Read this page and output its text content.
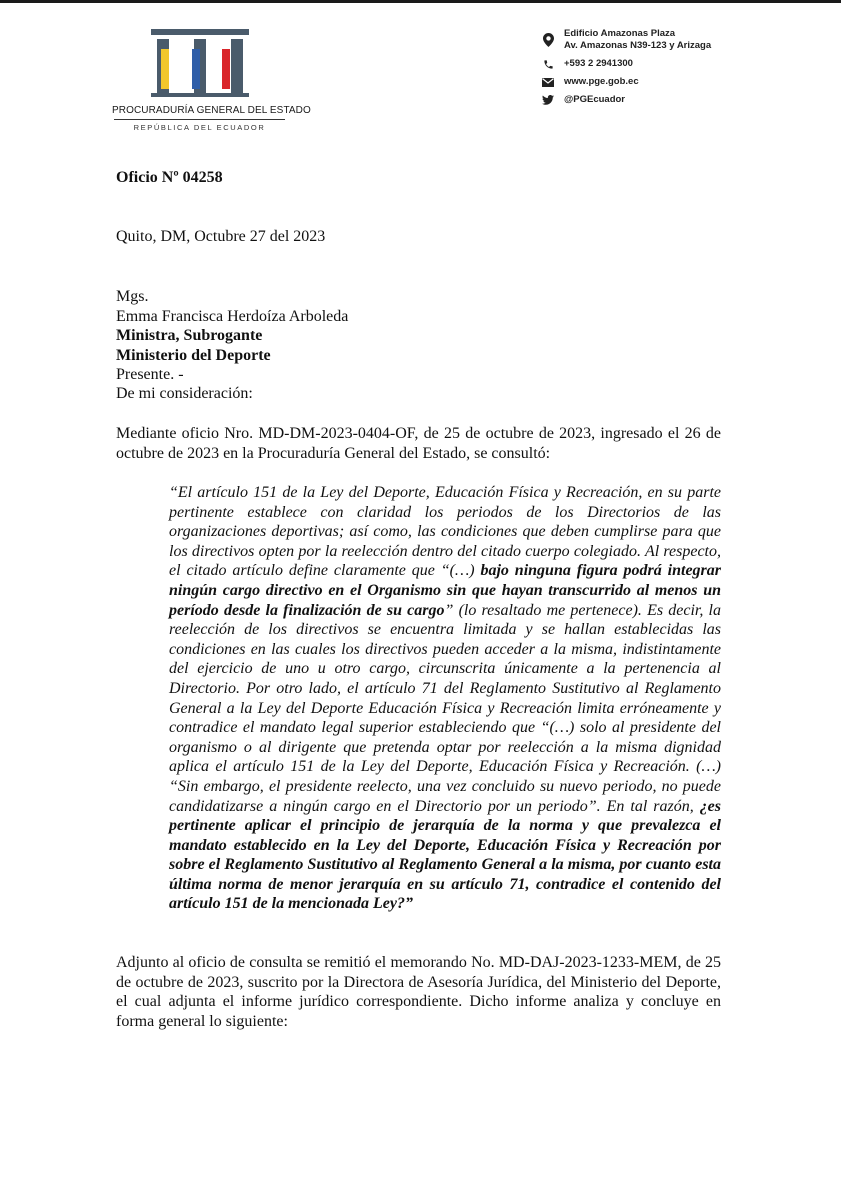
PROCURADURÍA GENERAL DEL ESTADO
REPÚBLICA DEL ECUADOR
Edificio Amazonas Plaza
Av. Amazonas N39-123 y Arizaga
+593 2 2941300
www.pge.gob.ec
@PGEcuador
Oficio Nº 04258
Quito, DM, Octubre 27 del 2023
Mgs.
Emma Francisca Herdoíza Arboleda
Ministra, Subrogante
Ministerio del Deporte
Presente. -
De mi consideración:
Mediante oficio Nro. MD-DM-2023-0404-OF, de 25 de octubre de 2023, ingresado el 26 de octubre de 2023 en la Procuraduría General del Estado, se consultó:
“El artículo 151 de la Ley del Deporte, Educación Física y Recreación, en su parte pertinente establece con claridad los periodos de los Directorios de las organizaciones deportivas; así como, las condiciones que deben cumplirse para que los directivos opten por la reelección dentro del citado cuerpo colegiado. Al respecto, el citado artículo define claramente que “(…) bajo ninguna figura podrá integrar ningún cargo directivo en el Organismo sin que hayan transcurrido al menos un período desde la finalización de su cargo” (lo resaltado me pertenece). Es decir, la reelección de los directivos se encuentra limitada y se hallan establecidas las condiciones en las cuales los directivos pueden acceder a la misma, indistintamente del ejercicio de uno u otro cargo, circunscrita únicamente a la pertenencia al Directorio. Por otro lado, el artículo 71 del Reglamento Sustitutivo al Reglamento General a la Ley del Deporte Educación Física y Recreación limita erróneamente y contradice el mandato legal superior estableciendo que “(…) solo al presidente del organismo o al dirigente que pretenda optar por reelección a la misma dignidad aplica el artículo 151 de la Ley del Deporte, Educación Física y Recreación. (…) “Sin embargo, el presidente reelecto, una vez concluido su nuevo periodo, no puede candidatizarse a ningún cargo en el Directorio por un periodo”. En tal razón, ¿es pertinente aplicar el principio de jerarquía de la norma y que prevalezca el mandato establecido en la Ley del Deporte, Educación Física y Recreación por sobre el Reglamento Sustitutivo al Reglamento General a la misma, por cuanto esta última norma de menor jerarquía en su artículo 71, contradice el contenido del artículo 151 de la mencionada Ley?”
Adjunto al oficio de consulta se remitió el memorando No. MD-DAJ-2023-1233-MEM, de 25 de octubre de 2023, suscrito por la Directora de Asesoría Jurídica, del Ministerio del Deporte, el cual adjunta el informe jurídico correspondiente. Dicho informe analiza y concluye en forma general lo siguiente:
